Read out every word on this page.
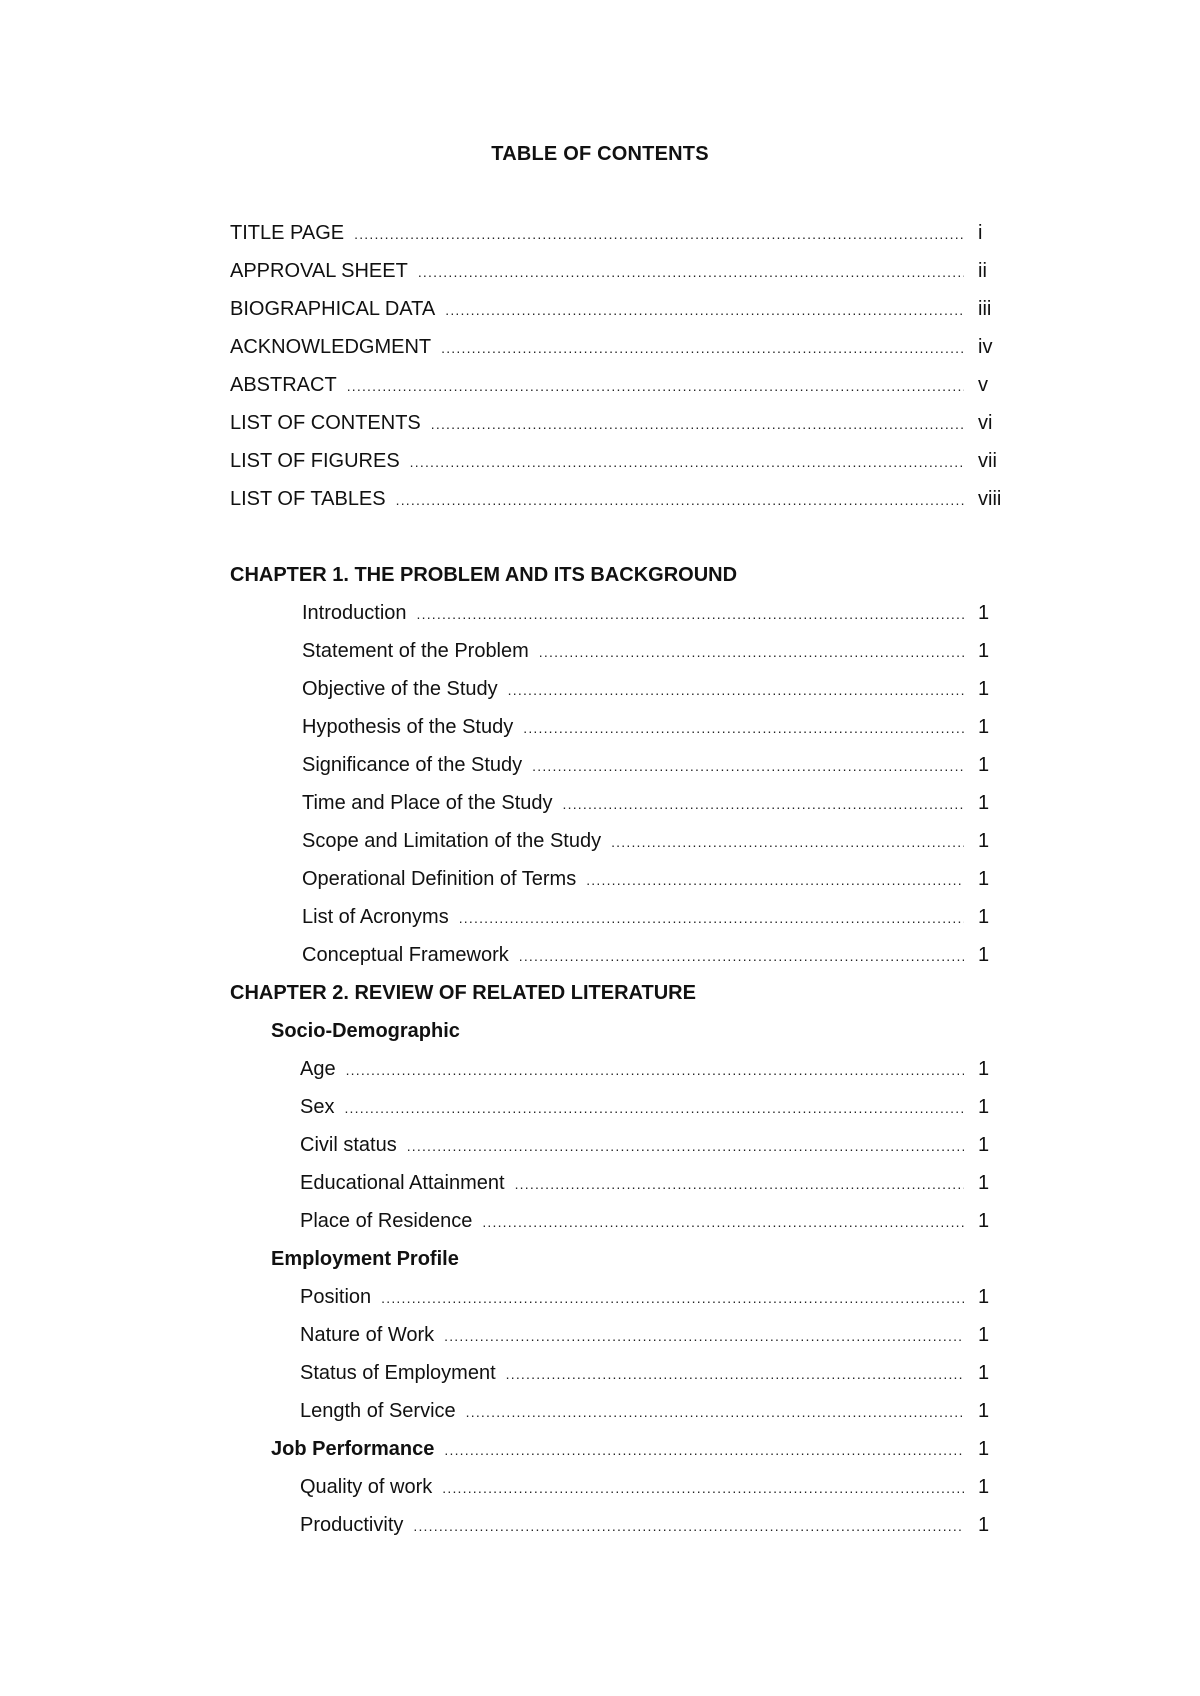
TABLE OF CONTENTS
TITLE PAGE .....	i
APPROVAL SHEET .....	ii
BIOGRAPHICAL DATA .....	iii
ACKNOWLEDGMENT .....	iv
ABSTRACT .....	v
LIST OF CONTENTS .....	vi
LIST OF FIGURES .....	vii
LIST OF TABLES .....	viii
CHAPTER 1. THE PROBLEM AND ITS BACKGROUND
Introduction .....	1
Statement of the Problem .....	1
Objective of the Study .....	1
Hypothesis of the Study .....	1
Significance of the Study .....	1
Time and Place of the Study .....	1
Scope and Limitation of the Study .....	1
Operational Definition of Terms .....	1
List of Acronyms .....	1
Conceptual Framework .....	1
CHAPTER 2. REVIEW OF RELATED LITERATURE
Socio-Demographic
Age .....	1
Sex .....	1
Civil status .....	1
Educational Attainment .....	1
Place of Residence .....	1
Employment Profile
Position .....	1
Nature of Work .....	1
Status of Employment .....	1
Length of Service .....	1
Job Performance .....	1
Quality of work .....	1
Productivity .....	1
